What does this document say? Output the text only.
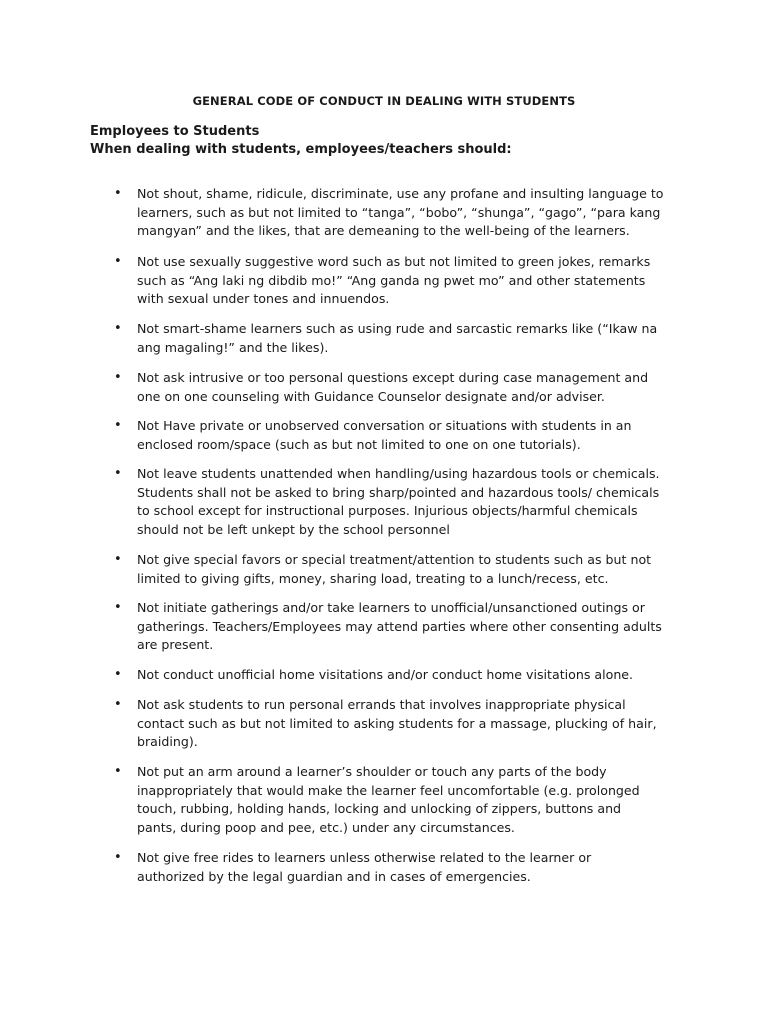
GENERAL CODE OF CONDUCT IN DEALING WITH STUDENTS
Employees to Students
When dealing with students, employees/teachers should:
• Not shout, shame, ridicule, discriminate, use any profane and insulting language to
learners, such as but not limited to “tanga”, “bobo”, “shunga”, “gago”, “para kang
mangyan” and the likes, that are demeaning to the well-being of the learners.
• Not use sexually suggestive word such as but not limited to green jokes, remarks
such as “Ang laki ng dibdib mo!” “Ang ganda ng pwet mo” and other statements
with sexual under tones and innuendos.
• Not smart-shame learners such as using rude and sarcastic remarks like (“Ikaw na
ang magaling!” and the likes).
• Not ask intrusive or too personal questions except during case management and
one on one counseling with Guidance Counselor designate and/or adviser.
• Not Have private or unobserved conversation or situations with students in an
enclosed room/space (such as but not limited to one on one tutorials).
• Not leave students unattended when handling/using hazardous tools or chemicals.
Students shall not be asked to bring sharp/pointed and hazardous tools/ chemicals
to school except for instructional purposes. Injurious objects/harmful chemicals
should not be left unkept by the school personnel
• Not give special favors or special treatment/attention to students such as but not
limited to giving gifts, money, sharing load, treating to a lunch/recess, etc.
• Not initiate gatherings and/or take learners to unofficial/unsanctioned outings or
gatherings. Teachers/Employees may attend parties where other consenting adults
are present.
• Not conduct unofficial home visitations and/or conduct home visitations alone.
• Not ask students to run personal errands that involves inappropriate physical
contact such as but not limited to asking students for a massage, plucking of hair,
braiding).
• Not put an arm around a learner’s shoulder or touch any parts of the body
inappropriately that would make the learner feel uncomfortable (e.g. prolonged
touch, rubbing, holding hands, locking and unlocking of zippers, buttons and
pants, during poop and pee, etc.) under any circumstances.
• Not give free rides to learners unless otherwise related to the learner or
authorized by the legal guardian and in cases of emergencies.
